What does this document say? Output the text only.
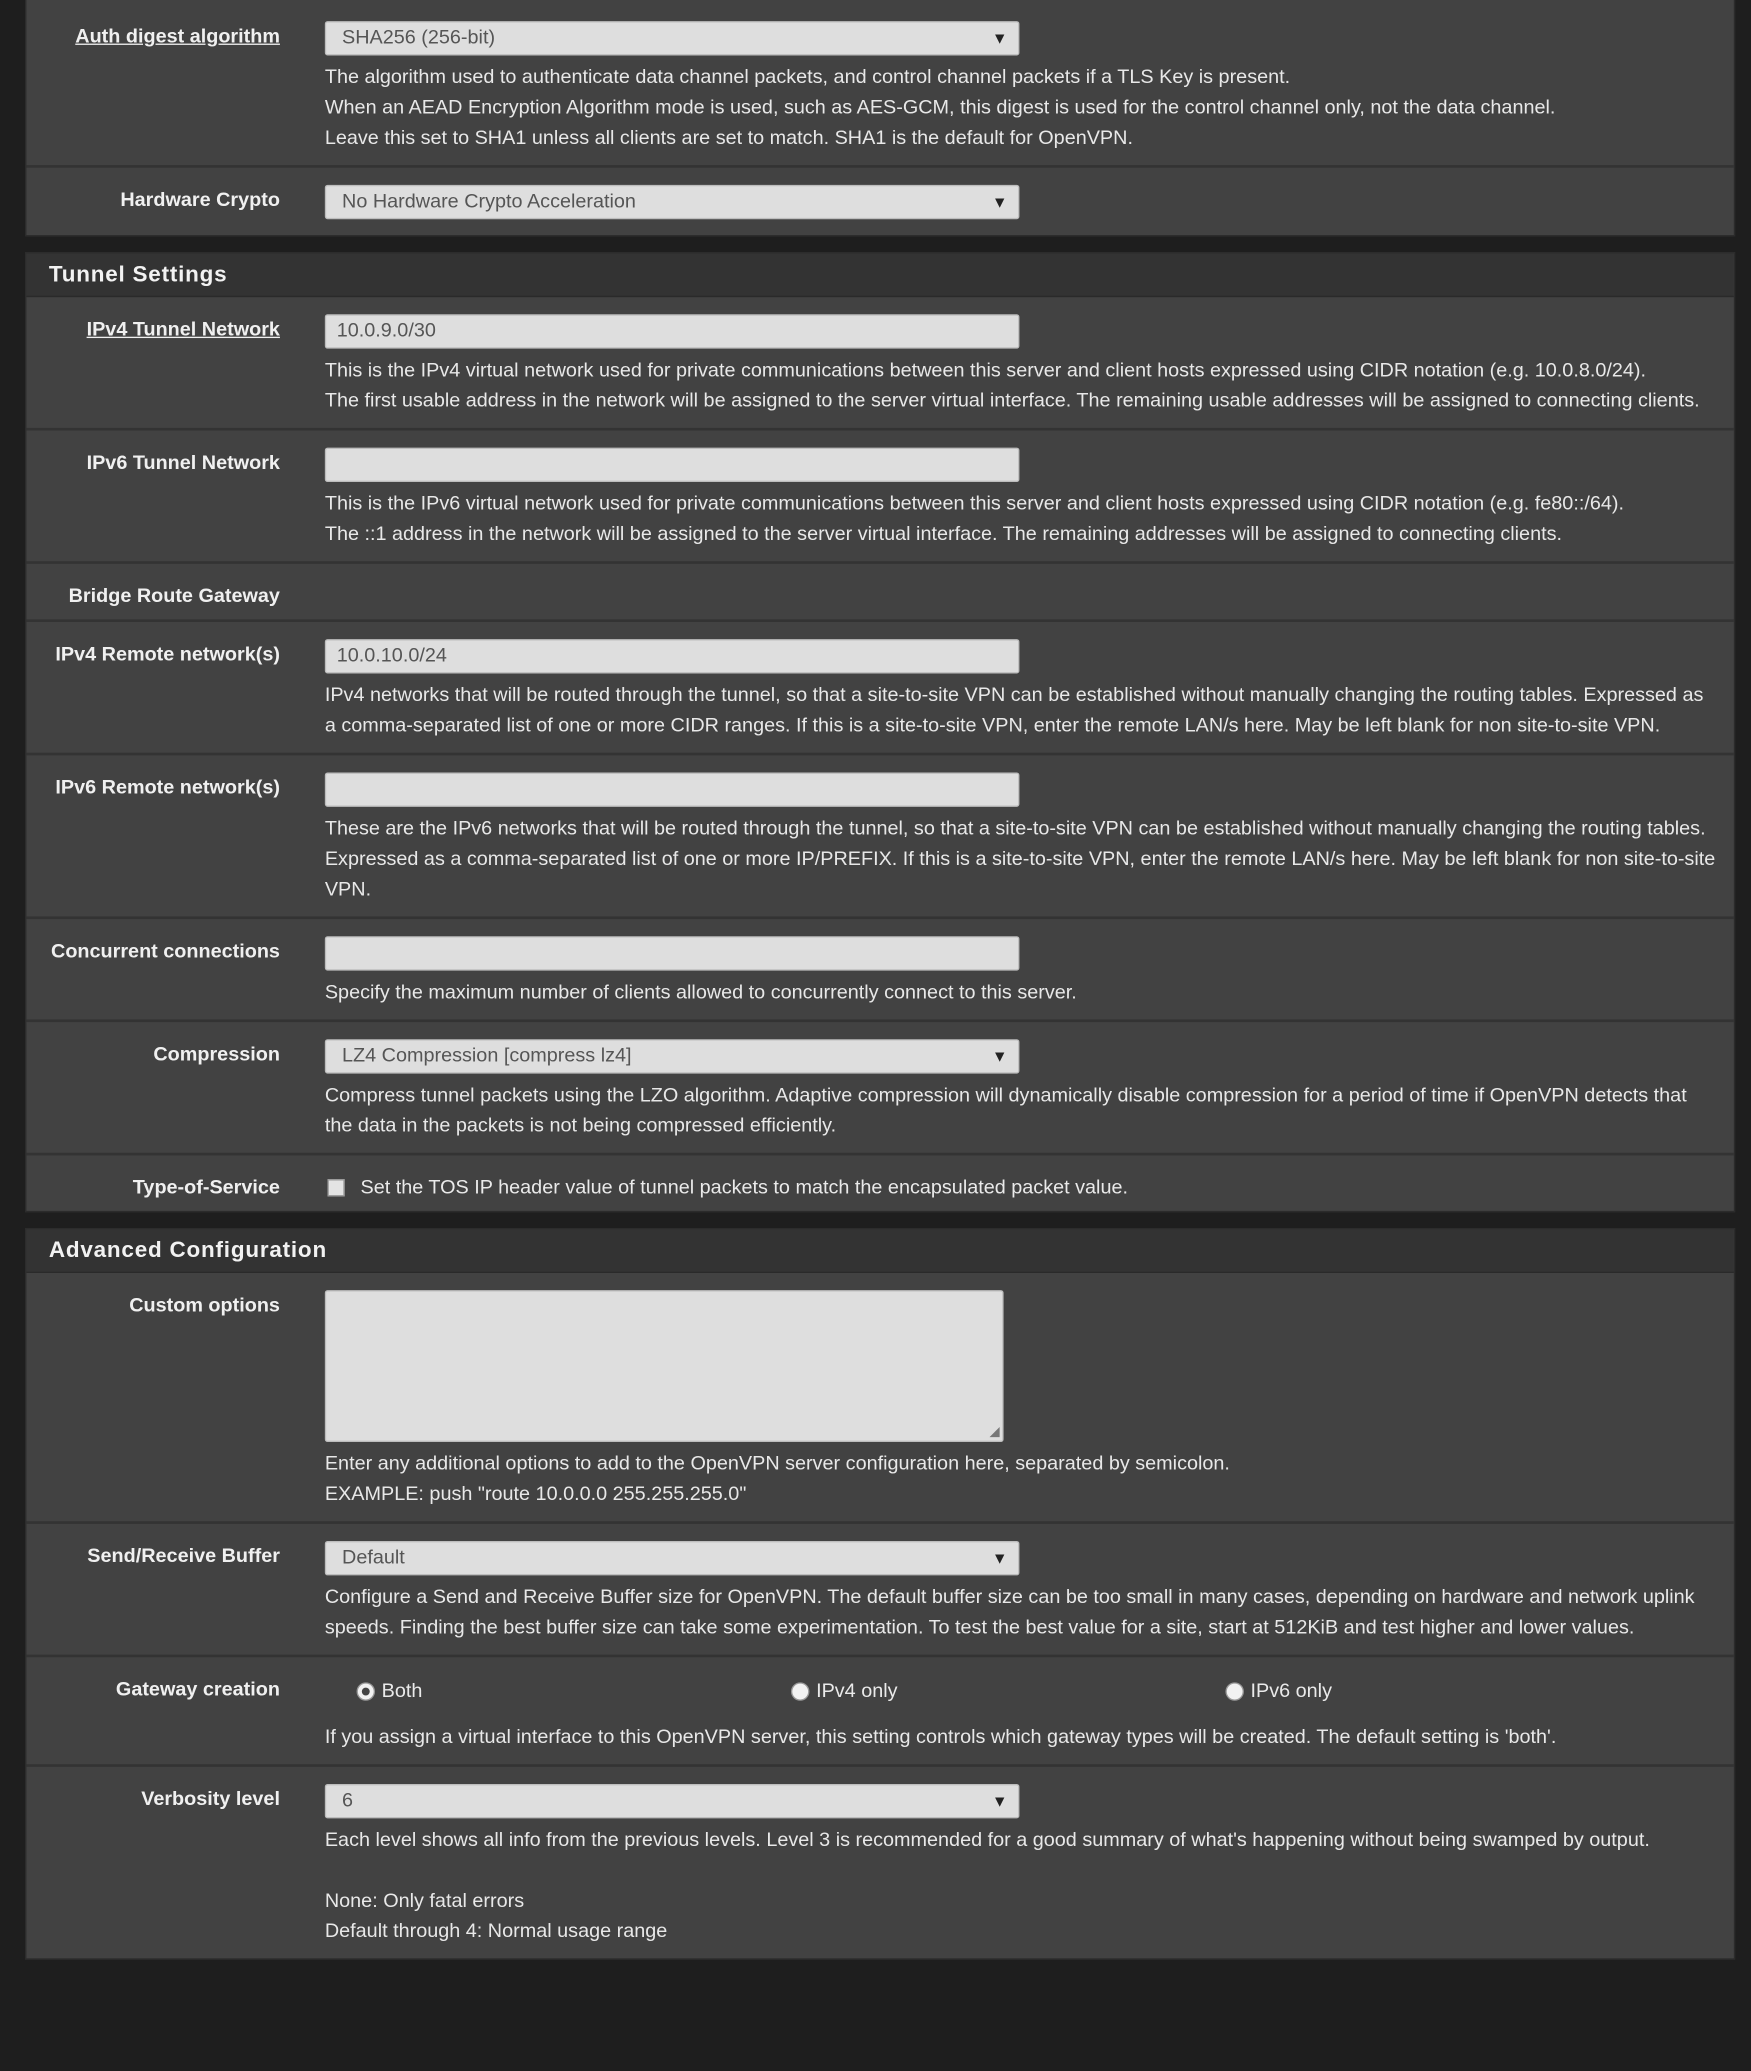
Auth digest algorithm	SHA256 (256-bit)	▼
The algorithm used to authenticate data channel packets, and control channel packets if a TLS Key is present.
When an AEAD Encryption Algorithm mode is used, such as AES-GCM, this digest is used for the control channel only, not the data channel.
Leave this set to SHA1 unless all clients are set to match. SHA1 is the default for OpenVPN.
Hardware Crypto	No Hardware Crypto Acceleration	▼
Tunnel Settings
IPv4 Tunnel Network	10.0.9.0/30
This is the IPv4 virtual network used for private communications between this server and client hosts expressed using CIDR notation (e.g. 10.0.8.0/24).
The first usable address in the network will be assigned to the server virtual interface. The remaining usable addresses will be assigned to connecting clients.
IPv6 Tunnel Network
This is the IPv6 virtual network used for private communications between this server and client hosts expressed using CIDR notation (e.g. fe80::/64).
The ::1 address in the network will be assigned to the server virtual interface. The remaining addresses will be assigned to connecting clients.
Bridge Route Gateway
IPv4 Remote network(s)	10.0.10.0/24
IPv4 networks that will be routed through the tunnel, so that a site-to-site VPN can be established without manually changing the routing tables. Expressed as a comma-separated list of one or more CIDR ranges. If this is a site-to-site VPN, enter the remote LAN/s here. May be left blank for non site-to-site VPN.
IPv6 Remote network(s)
These are the IPv6 networks that will be routed through the tunnel, so that a site-to-site VPN can be established without manually changing the routing tables. Expressed as a comma-separated list of one or more IP/PREFIX. If this is a site-to-site VPN, enter the remote LAN/s here. May be left blank for non site-to-site VPN.
Concurrent connections
Specify the maximum number of clients allowed to concurrently connect to this server.
Compression	LZ4 Compression [compress lz4]	▼
Compress tunnel packets using the LZO algorithm. Adaptive compression will dynamically disable compression for a period of time if OpenVPN detects that the data in the packets is not being compressed efficiently.
Type-of-Service	Set the TOS IP header value of tunnel packets to match the encapsulated packet value.
Advanced Configuration
Custom options
◢
Enter any additional options to add to the OpenVPN server configuration here, separated by semicolon.
EXAMPLE: push "route 10.0.0.0 255.255.255.0"
Send/Receive Buffer	Default	▼
Configure a Send and Receive Buffer size for OpenVPN. The default buffer size can be too small in many cases, depending on hardware and network uplink speeds. Finding the best buffer size can take some experimentation. To test the best value for a site, start at 512KiB and test higher and lower values.
Gateway creation	Both	IPv4 only	IPv6 only
If you assign a virtual interface to this OpenVPN server, this setting controls which gateway types will be created. The default setting is 'both'.
Verbosity level	6	▼
Each level shows all info from the previous levels. Level 3 is recommended for a good summary of what's happening without being swamped by output.
None: Only fatal errors
Default through 4: Normal usage range
